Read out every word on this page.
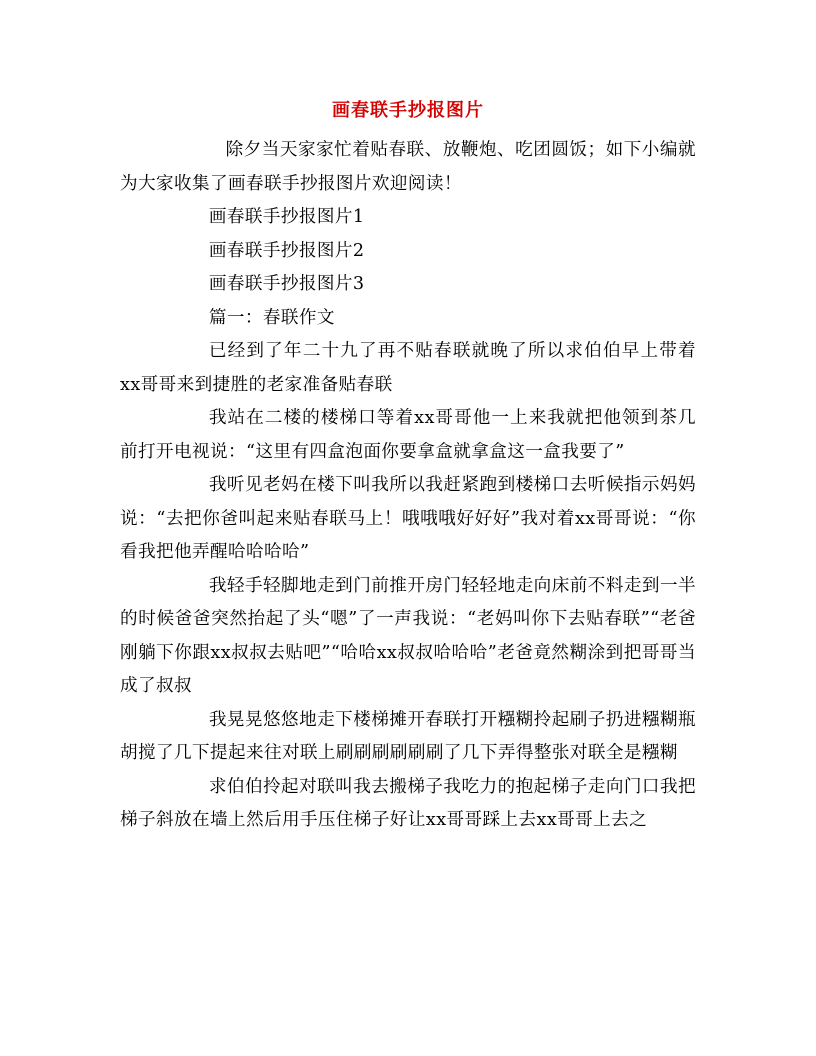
画春联手抄报图片

除夕当天家家忙着贴春联、放鞭炮、吃团圆饭；如下小编就为大家收集了画春联手抄报图片欢迎阅读！

画春联手抄报图片1

画春联手抄报图片2

画春联手抄报图片3

篇一：春联作文

已经到了年二十九了再不贴春联就晚了所以求伯伯早上带着xx哥哥来到捷胜的老家准备贴春联

我站在二楼的楼梯口等着xx哥哥他一上来我就把他领到茶几前打开电视说：“这里有四盒泡面你要拿盒就拿盒这一盒我要了”

我听见老妈在楼下叫我所以我赶紧跑到楼梯口去听候指示妈妈说：“去把你爸叫起来贴春联马上！哦哦哦好好好”我对着xx哥哥说：“你看我把他弄醒哈哈哈哈”

我轻手轻脚地走到门前推开房门轻轻地走向床前不料走到一半的时候爸爸突然抬起了头“嗯”了一声我说：“老妈叫你下去贴春联”“老爸刚躺下你跟xx叔叔去贴吧”“哈哈xx叔叔哈哈哈”老爸竟然糊涂到把哥哥当成了叔叔

我晃晃悠悠地走下楼梯摊开春联打开糨糊拎起刷子扔进糨糊瓶胡搅了几下提起来往对联上刷刷刷刷刷刷了几下弄得整张对联全是糨糊

求伯伯拎起对联叫我去搬梯子我吃力的抱起梯子走向门口我把梯子斜放在墙上然后用手压住梯子好让xx哥哥踩上去xx哥哥上去之
